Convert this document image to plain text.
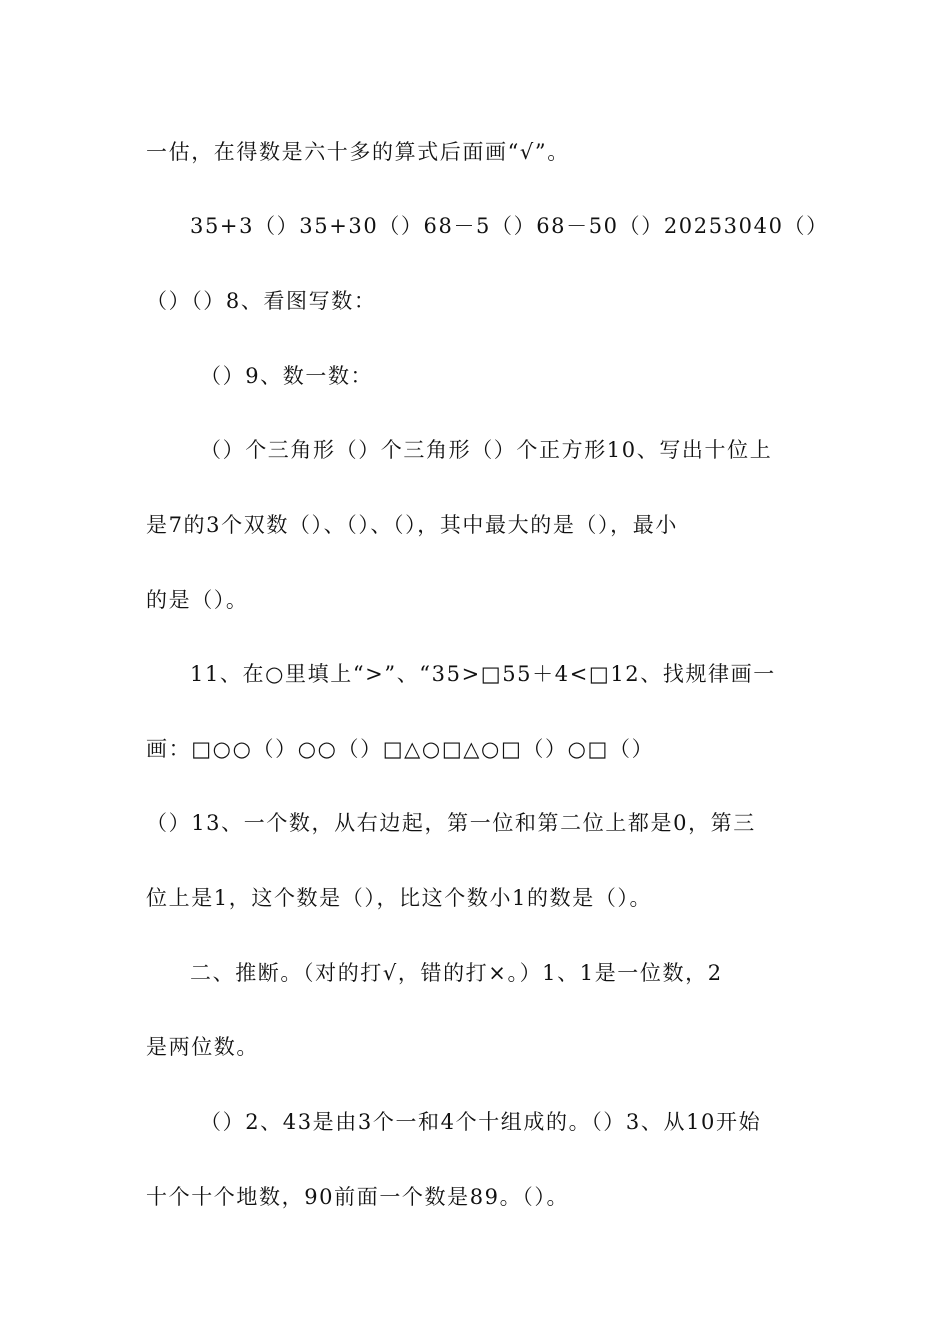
一估，在得数是六十多的算式后面画“√”。
35+3（）35+30（）68－5（）68－50（）20253040（）
（）（）8、看图写数：
（）9、数一数：
（）个三角形（）个三角形（）个正方形10、写出十位上
是7的3个双数（）、（）、（），其中最大的是（），最小
的是（）。
11、在○里填上“>”、“35>□55＋4<□12、找规律画一
画：□○○（）○○（）□△○□△○□（）○□（）
（）13、一个数，从右边起，第一位和第二位上都是0，第三
位上是1，这个数是（），比这个数小1的数是（）。
二、推断。（对的打√，错的打×。）1、1是一位数，2
是两位数。
（）2、43是由3个一和4个十组成的。（）3、从10开始
十个十个地数，90前面一个数是89。（）。
